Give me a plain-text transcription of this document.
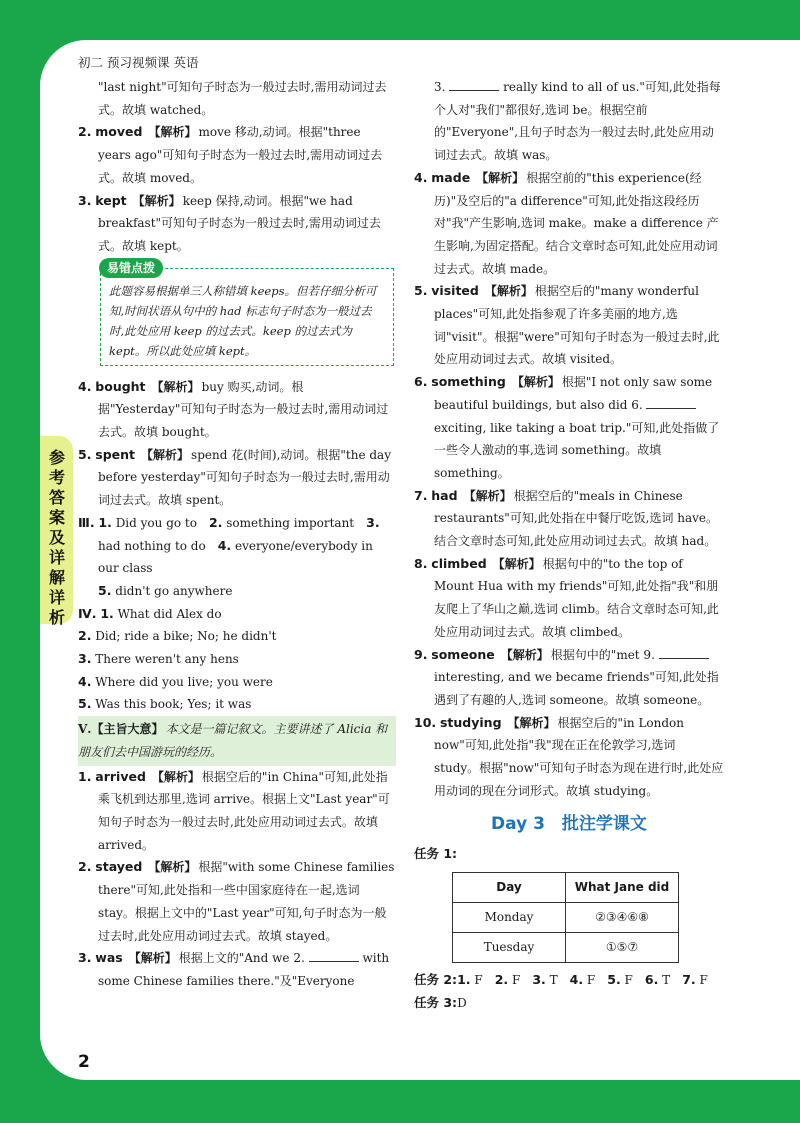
初二 预习视频课 英语
参考答案及详解详析

"last night"可知句子时态为一般过去时,需用动词过去式。故填 watched。

2. moved 【解析】 move 移动,动词。根据"three years ago"可知句子时态为一般过去时,需用动词过去式。故填 moved。

3. kept 【解析】 keep 保持,动词。根据"we had breakfast"可知句子时态为一般过去时,需用动词过去式。故填 kept。

易错点拨
此题容易根据单三人称错填 keeps。但若仔细分析可知,时间状语从句中的 had 标志句子时态为一般过去时,此处应用 keep 的过去式。keep 的过去式为 kept。所以此处应填 kept。

4. bought 【解析】 buy 购买,动词。根据"Yesterday"可知句子时态为一般过去时,需用动词过去式。故填 bought。

5. spent 【解析】 spend 花(时间),动词。根据"the day before yesterday"可知句子时态为一般过去时,需用动词过去式。故填 spent。

Ⅲ. 1. Did you go to　 2. something important　 3. had nothing to do　 4. everyone/everybody in our class
5. didn't go anywhere

Ⅳ. 1. What did Alex do

2. Did; ride a bike; No; he didn't

3. There weren't any hens

4. Where did you live; you were

5. Was this book; Yes; it was

Ⅴ.【主旨大意】 本文是一篇记叙文。主要讲述了 Alicia 和朋友们去中国游玩的经历。

1. arrived 【解析】 根据空后的"in China"可知,此处指乘飞机到达那里,选词 arrive。根据上文"Last year"可知句子时态为一般过去时,此处应用动词过去式。故填 arrived。

2. stayed 【解析】 根据"with some Chinese families there"可知,此处指和一些中国家庭待在一起,选词 stay。根据上文中的"Last year"可知,句子时态为一般过去时,此处应用动词过去式。故填 stayed。

3. was 【解析】 根据上文的"And we 2.	with some Chinese families there."及"Everyone

3.	really kind to all of us."可知,此处指每个人对"我们"都很好,选词 be。根据空前的"Everyone",且句子时态为一般过去时,此处应用动词过去式。故填 was。

4. made 【解析】 根据空前的"this experience(经历)"及空后的"a difference"可知,此处指这段经历对"我"产生影响,选词 make。make a difference 产生影响,为固定搭配。结合文章时态可知,此处应用动词过去式。故填 made。

5. visited 【解析】 根据空后的"many wonderful places"可知,此处指参观了许多美丽的地方,选词"visit"。根据"were"可知句子时态为一般过去时,此处应用动词过去式。故填 visited。

6. something 【解析】 根据"I not only saw some beautiful buildings, but also did 6.  exciting, like taking a boat trip."可知,此处指做了一些令人激动的事,选词 something。故填 something。

7. had 【解析】 根据空后的"meals in Chinese restaurants"可知,此处指在中餐厅吃饭,选词 have。结合文章时态可知,此处应用动词过去式。故填 had。

8. climbed 【解析】 根据句中的"to the top of Mount Hua with my friends"可知,此处指"我"和朋友爬上了华山之巅,选词 climb。结合文章时态可知,此处应用动词过去式。故填 climbed。

9. someone 【解析】 根据句中的"met 9.  interesting, and we became friends"可知,此处指遇到了有趣的人,选词 someone。故填 someone。

10. studying 【解析】 根据空后的"in London now"可知,此处指"我"现在正在伦敦学习,选词 study。根据"now"可知句子时态为现在进行时,此处应用动词的现在分词形式。故填 studying。

Day 3　批注学课文

任务 1:

Day	What Jane did
Monday	②③④⑥⑧
Tuesday	①⑤⑦

任务 2:1. F　 2. F　 3. T　 4. F　 5. F　 6. T　 7. F

任务 3:D

2
